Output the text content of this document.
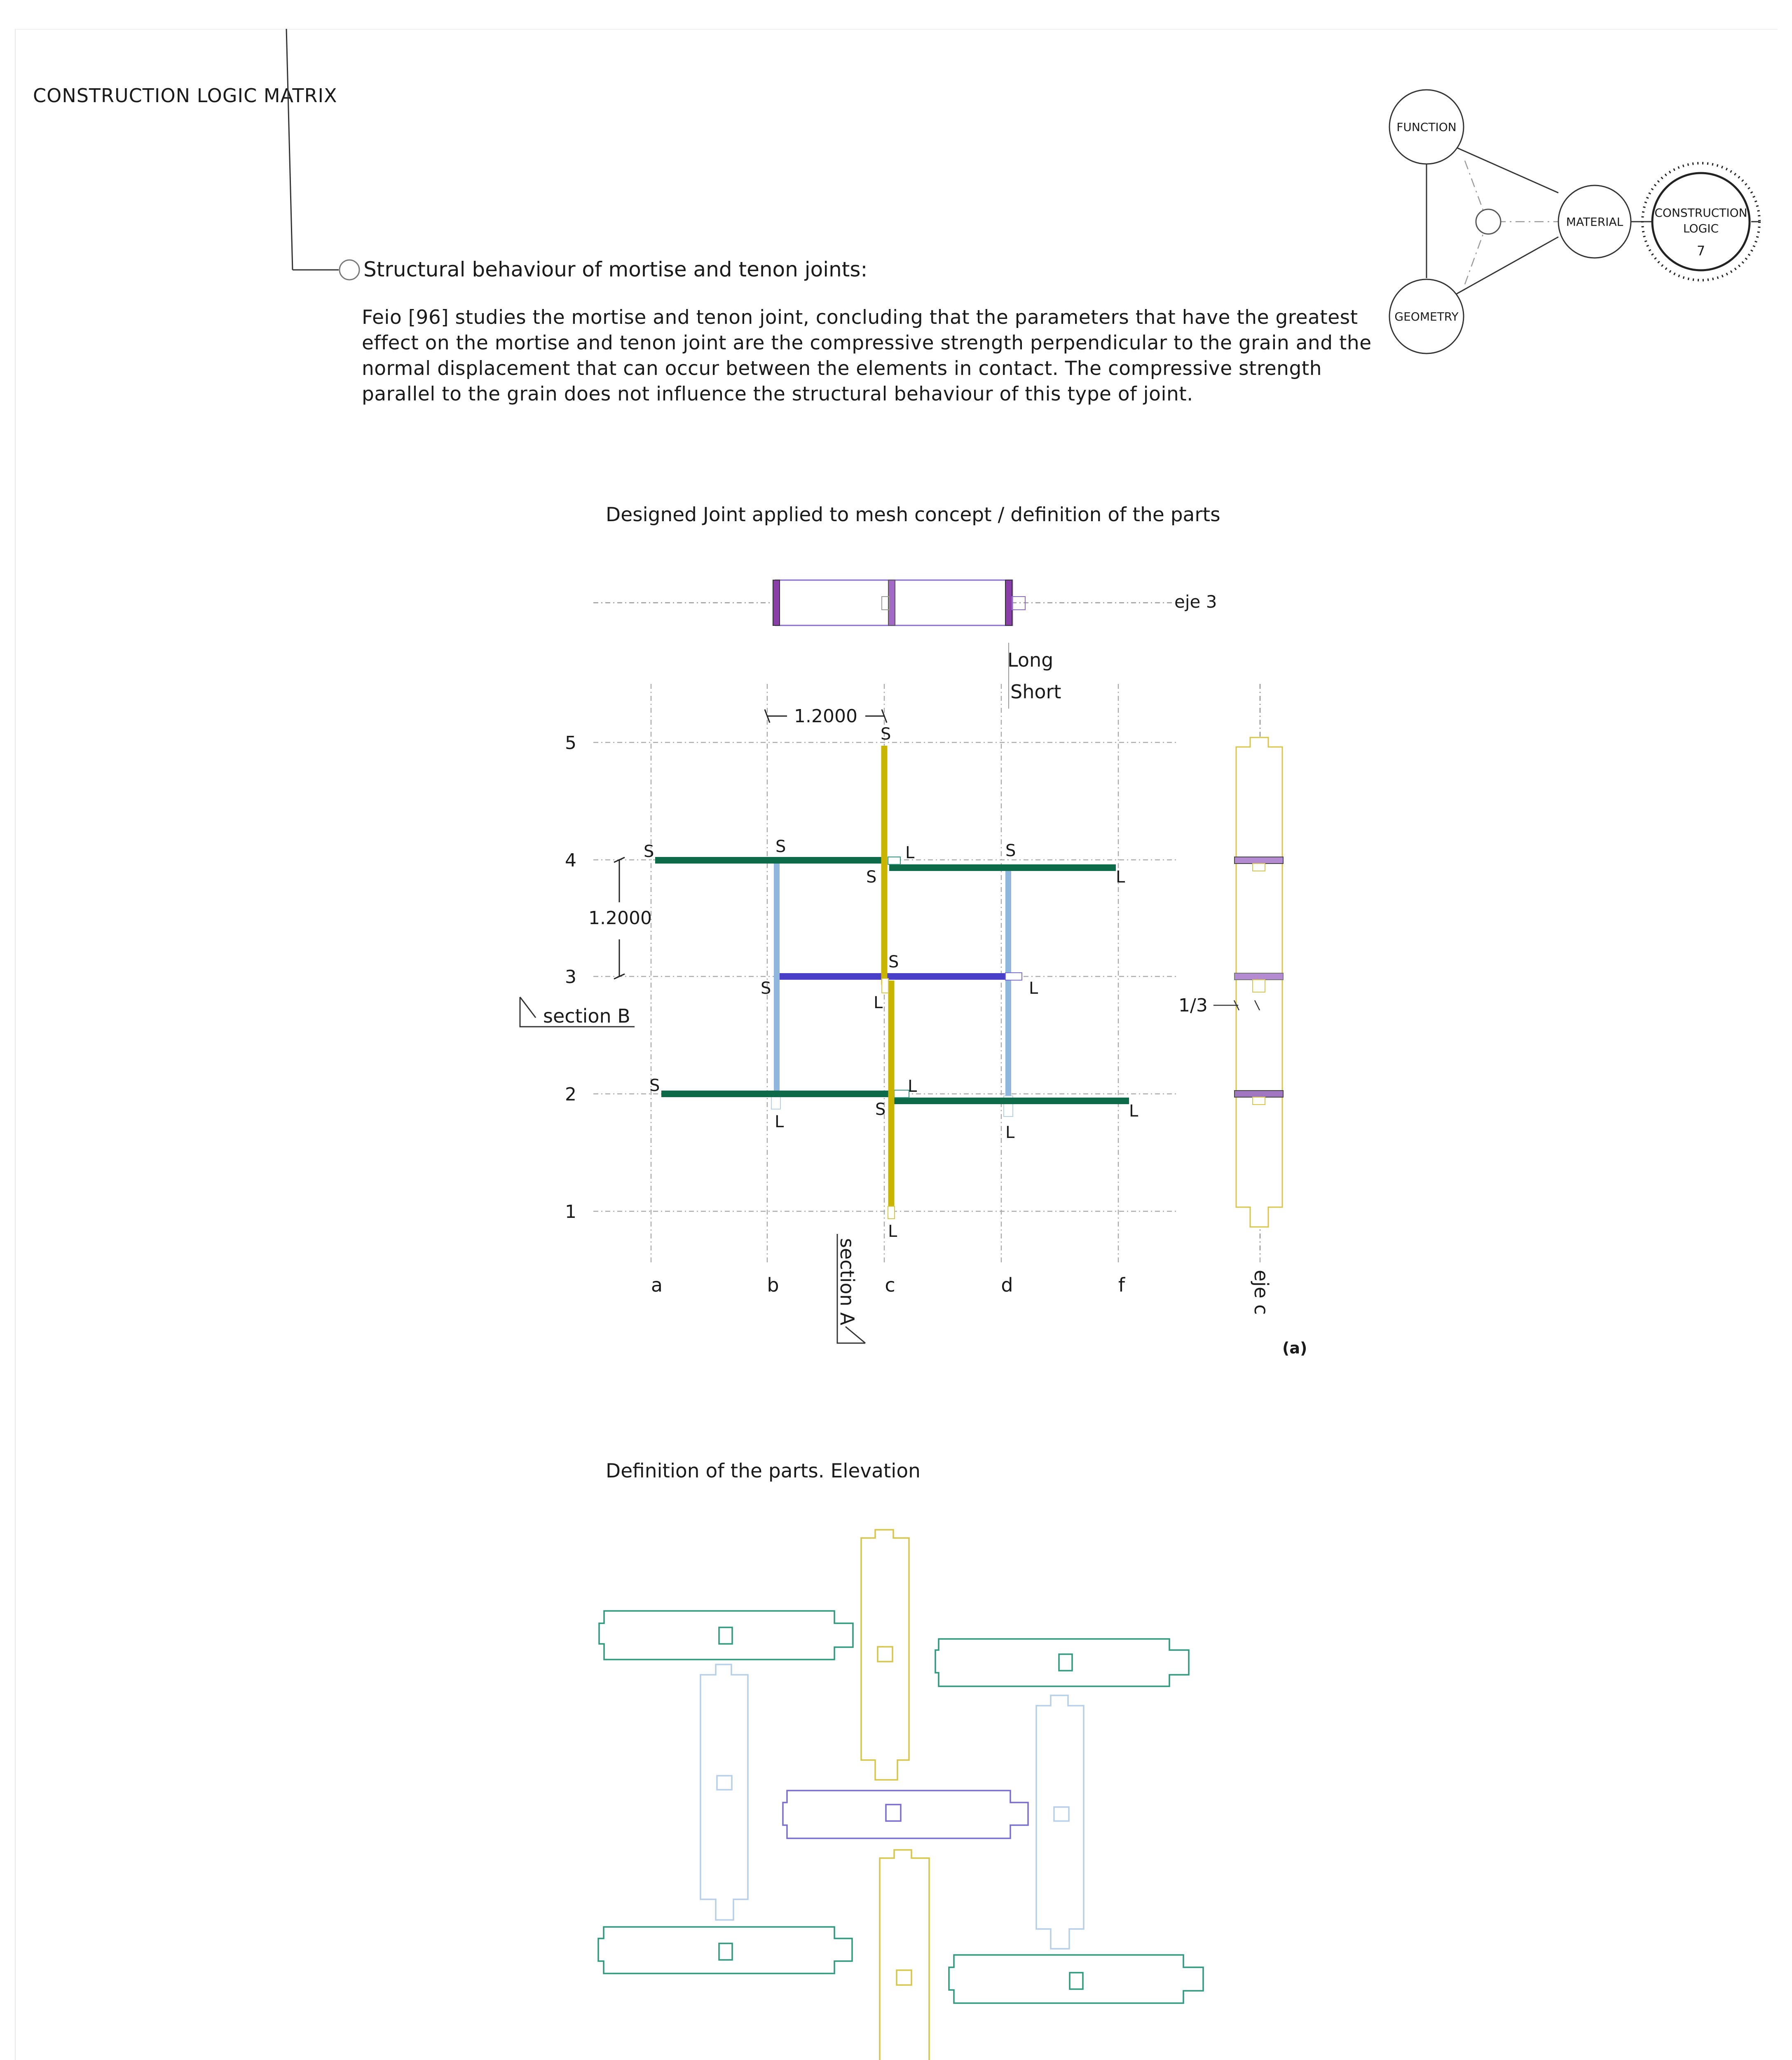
CONSTRUCTION LOGIC MATRIX
Structural behaviour of mortise and tenon joints:
Feio [96] studies the mortise and tenon joint, concluding that the parameters that have the greatest effect on the mortise and tenon joint are the compressive strength perpendicular to the grain and the normal displacement that can occur between the elements in contact. The compressive strength parallel to the grain does not influence the structural behaviour of this type of joint.
Designed Joint applied to mesh concept / definition of the parts
Definition of the parts. Elevation
FUNCTION
MATERIAL
GEOMETRY
CONSTRUCTION
LOGIC
7
eje 3
5
4
3
2
1
a	b	c	d	f
Long
Short
1.2000
1.2000
section B
section A
S
S	S	L
S
S
L
S
S	L
L
S	L
L
S	L
L
L
1/3
eje c
(a)
